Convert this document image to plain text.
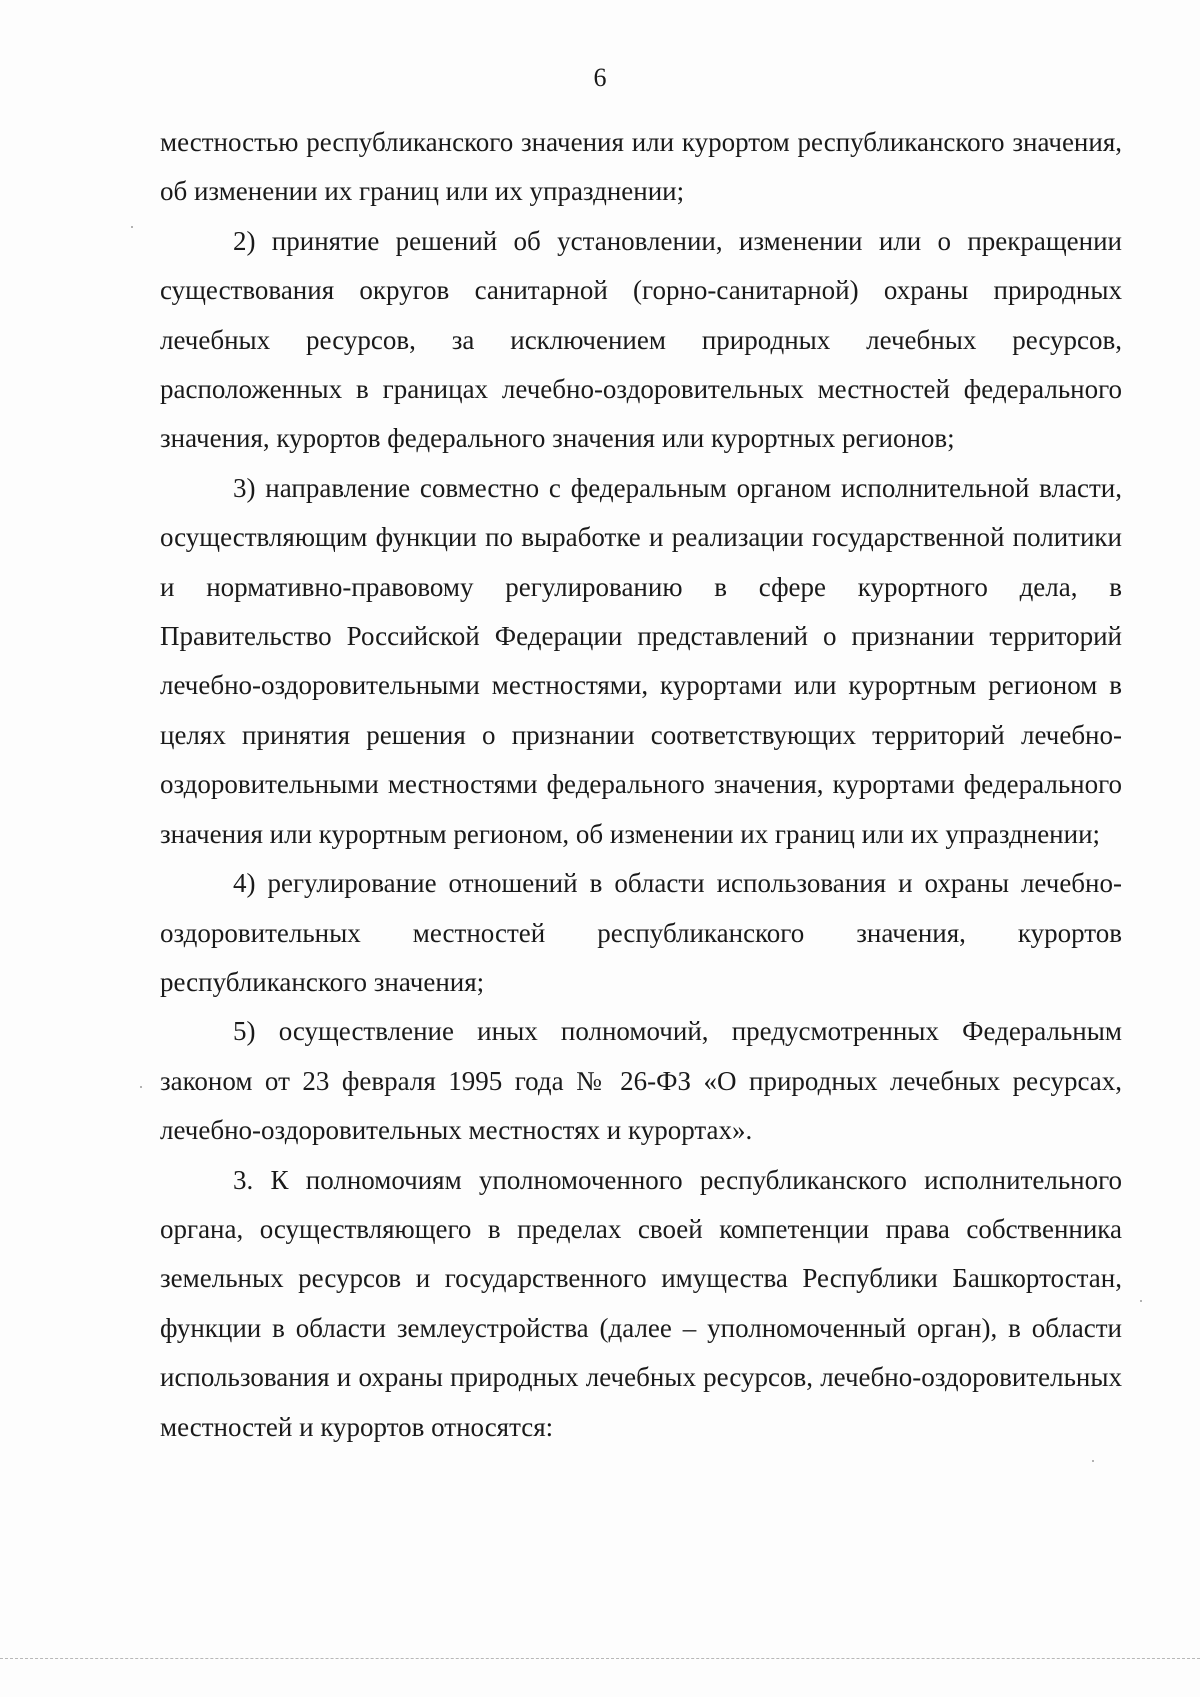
6

местностью республиканского значения или курортом республиканского значения, об изменении их границ или их упразднении;

2) принятие решений об установлении, изменении или о прекращении существования округов санитарной (горно-санитарной) охраны природных лечебных ресурсов, за исключением природных лечебных ресурсов, расположенных в границах лечебно-оздоровительных местностей федерального значения, курортов федерального значения или курортных регионов;

3) направление совместно с федеральным органом исполнительной власти, осуществляющим функции по выработке и реализации государственной политики и нормативно-правовому регулированию в сфере курортного дела, в Правительство Российской Федерации представлений о признании территорий лечебно-оздоровительными местностями, курортами или курортным регионом в целях принятия решения о признании соответствующих территорий лечебно-оздоровительными местностями федерального значения, курортами федерального значения или курортным регионом, об изменении их границ или их упразднении;

4) регулирование отношений в области использования и охраны лечебно-оздоровительных местностей республиканского значения, курортов республиканского значения;

5) осуществление иных полномочий, предусмотренных Федеральным законом от 23 февраля 1995 года № 26-ФЗ «О природных лечебных ресурсах, лечебно-оздоровительных местностях и курортах».

3. К полномочиям уполномоченного республиканского исполнительного органа, осуществляющего в пределах своей компетенции права собственника земельных ресурсов и государственного имущества Республики Башкортостан, функции в области землеустройства (далее – уполномоченный орган), в области использования и охраны природных лечебных ресурсов, лечебно-оздоровительных местностей и курортов относятся:
